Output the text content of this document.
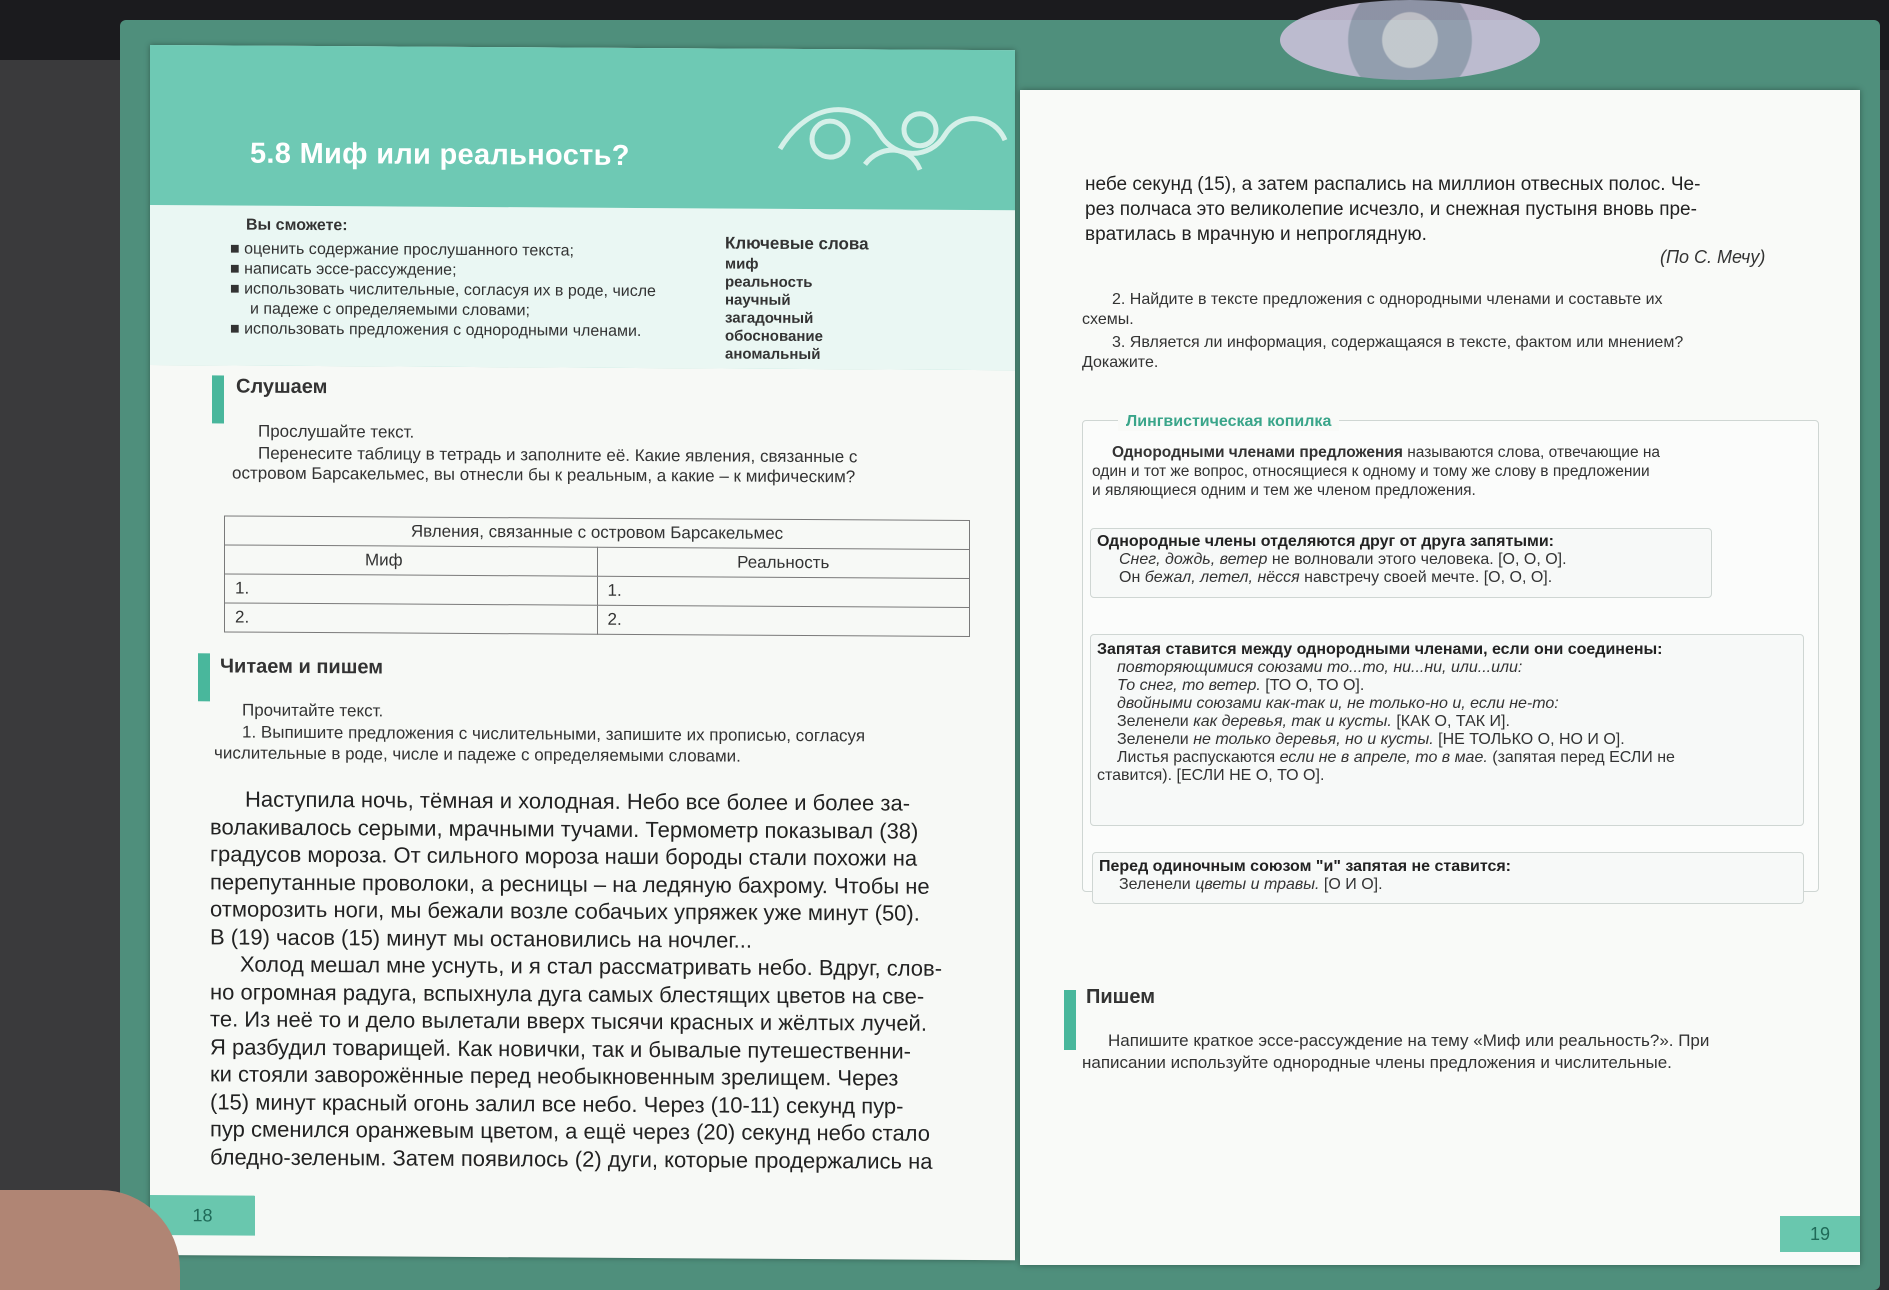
5.8 Миф или реальность?
Вы сможете:
■ оценить содержание прослушанного текста;
■ написать эссе-рассуждение;
■ использовать числительные, согласуя их в роде, числе
и падеже с определяемыми словами;
■ использовать предложения с однородными членами.
Ключевые слова
миф
реальность
научный
загадочный
обоснование
аномальный
Слушаем
Прослушайте текст.
Перенесите таблицу в тетрадь и заполните её. Какие явления, связанные с
островом Барсакельмес, вы отнесли бы к реальным, а какие – к мифическим?
Явления, связанные с островом Барсакельмес	
Миф	Реальность
1.	1.
2.	2.
Читаем и пишем
Прочитайте текст.
1. Выпишите предложения с числительными, запишите их прописью, согласуя
числительные в роде, числе и падеже с определяемыми словами.
Наступила ночь, тёмная и холодная. Небо все более и более за-
волакивалось серыми, мрачными тучами. Термометр показывал (38)
градусов мороза. От сильного мороза наши бороды стали похожи на
перепутанные проволоки, а ресницы – на ледяную бахрому. Чтобы не
отморозить ноги, мы бежали возле собачьих упряжек уже минут (50).
В (19) часов (15) минут мы остановились на ночлег...
Холод мешал мне уснуть, и я стал рассматривать небо. Вдруг, слов-
но огромная радуга, вспыхнула дуга самых блестящих цветов на све-
те. Из неё то и дело вылетали вверх тысячи красных и жёлтых лучей.
Я разбудил товарищей. Как новички, так и бывалые путешественни-
ки стояли заворожённые перед необыкновенным зрелищем. Через
(15) минут красный огонь залил все небо. Через (10-11) секунд пур-
пур сменился оранжевым цветом, а ещё через (20) секунд небо стало
бледно-зеленым. Затем появилось (2) дуги, которые продержались на
18
небе секунд (15), а затем распались на миллион отвесных полос. Че-
рез полчаса это великолепие исчезло, и снежная пустыня вновь пре-
вратилась в мрачную и непроглядную.
(По С. Мечу)
2. Найдите в тексте предложения с однородными членами и составьте их
схемы.
3. Является ли информация, содержащаяся в тексте, фактом или мнением?
Докажите.
Лингвистическая копилка
Однородными членами предложения называются слова, отвечающие на
один и тот же вопрос, относящиеся к одному и тому же слову в предложении
и являющиеся одним и тем же членом предложения.
Однородные члены отделяются друг от друга запятыми:
Снег, дождь, ветер не волновали этого человека. [О, О, О].
Он бежал, летел, нёсся навстречу своей мечте. [О, О, О].
Запятая ставится между однородными членами, если они соединены:
повторяющимися союзами то...то, ни...ни, или...или:
То снег, то ветер. [ТО О, ТО О].
двойными союзами как-так и, не только-но и, если не-то:
Зеленели как деревья, так и кусты. [КАК О, ТАК И].
Зеленели не только деревья, но и кусты. [НЕ ТОЛЬКО О, НО И О].
Листья распускаются если не в апреле, то в мае. (запятая перед ЕСЛИ не
ставится). [ЕСЛИ НЕ О, ТО О].
Перед одиночным союзом "и" запятая не ставится:
Зеленели цветы и травы. [О И О].
Пишем
Напишите краткое эссе-рассуждение на тему «Миф или реальность?». При
написании используйте однородные члены предложения и числительные.
19
